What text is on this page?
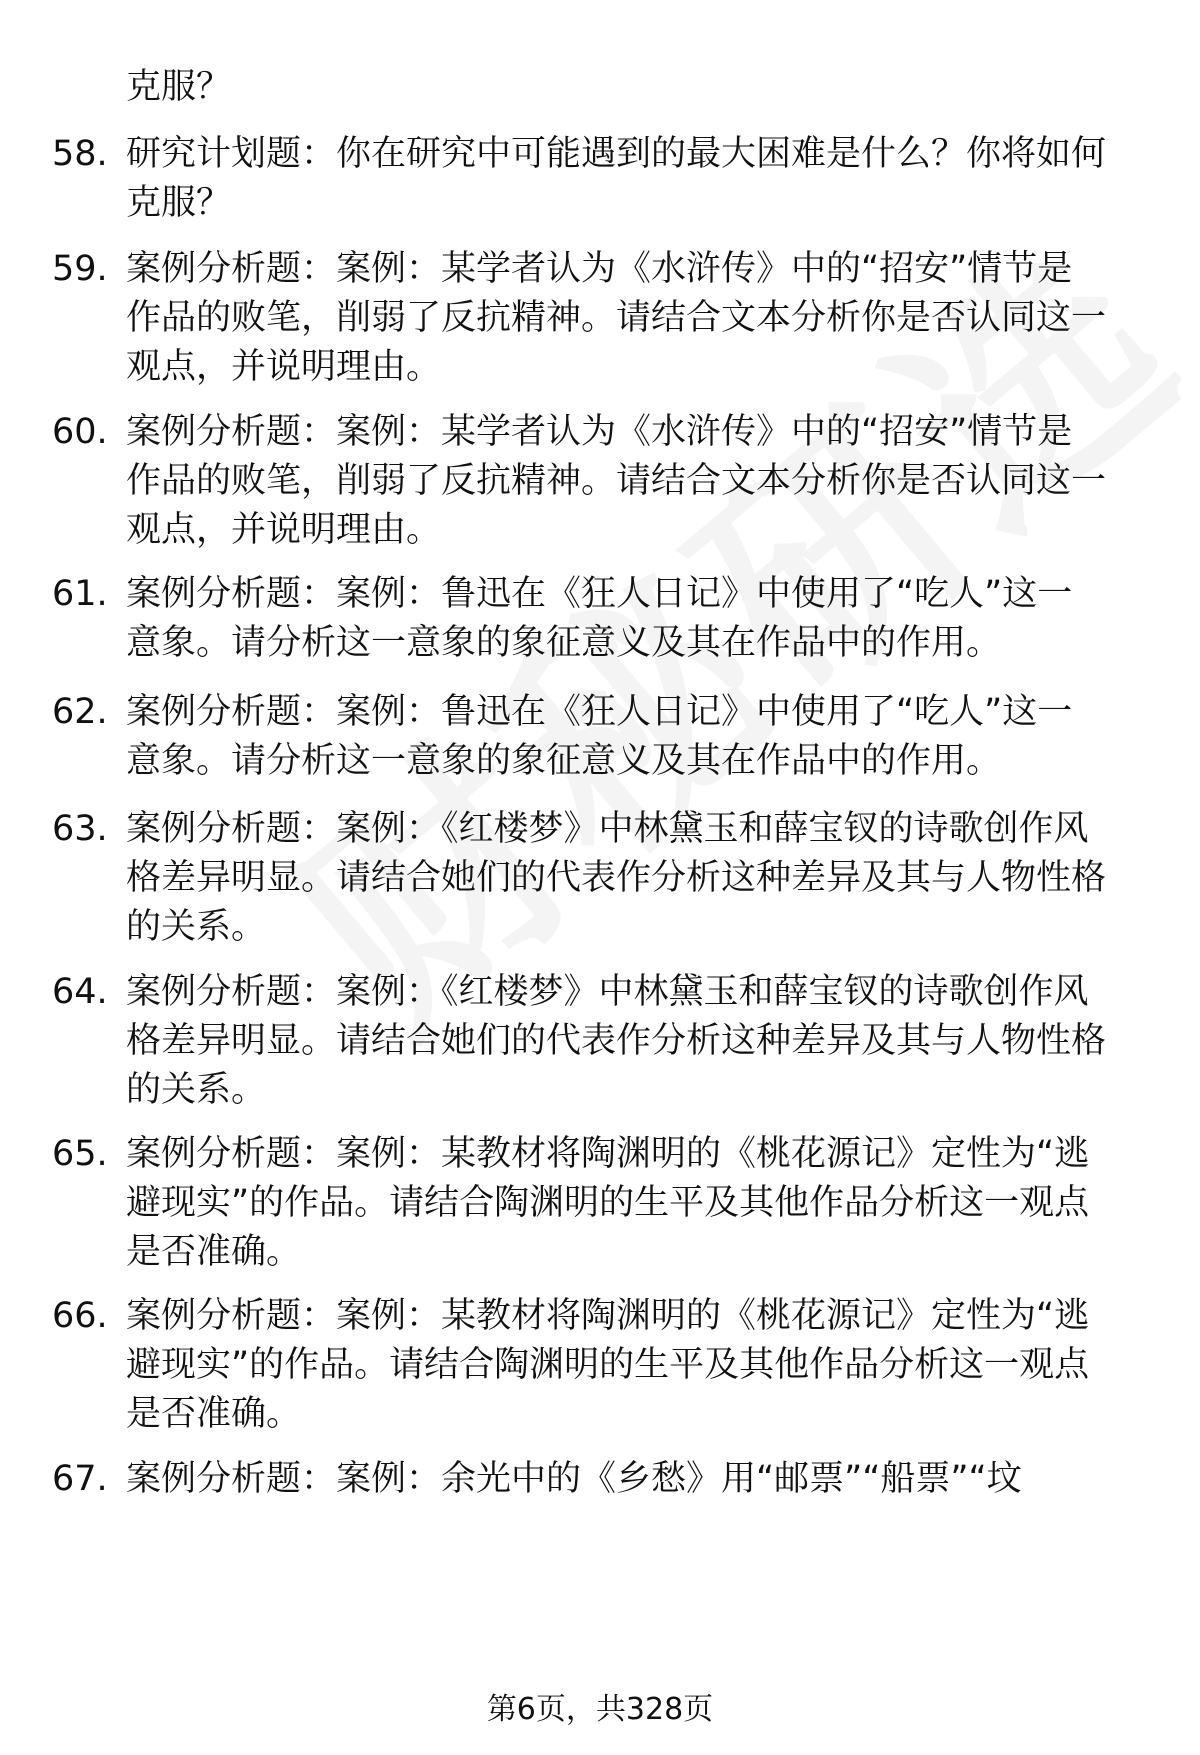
克服？
58. 研究计划题：你在研究中可能遇到的最大困难是什么？你将如何
克服？
59. 案例分析题：案例：某学者认为《水浒传》中的“招安”情节是
作品的败笔，削弱了反抗精神。请结合文本分析你是否认同这一
观点，并说明理由。
60. 案例分析题：案例：某学者认为《水浒传》中的“招安”情节是
作品的败笔，削弱了反抗精神。请结合文本分析你是否认同这一
观点，并说明理由。
61. 案例分析题：案例：鲁迅在《狂人日记》中使用了“吃人”这一
意象。请分析这一意象的象征意义及其在作品中的作用。
62. 案例分析题：案例：鲁迅在《狂人日记》中使用了“吃人”这一
意象。请分析这一意象的象征意义及其在作品中的作用。
63. 案例分析题：案例：《红楼梦》中林黛玉和薛宝钗的诗歌创作风
格差异明显。请结合她们的代表作分析这种差异及其与人物性格
的关系。
64. 案例分析题：案例：《红楼梦》中林黛玉和薛宝钗的诗歌创作风
格差异明显。请结合她们的代表作分析这种差异及其与人物性格
的关系。
65. 案例分析题：案例：某教材将陶渊明的《桃花源记》定性为“逃
避现实”的作品。请结合陶渊明的生平及其他作品分析这一观点
是否准确。
66. 案例分析题：案例：某教材将陶渊明的《桃花源记》定性为“逃
避现实”的作品。请结合陶渊明的生平及其他作品分析这一观点
是否准确。
67. 案例分析题：案例：余光中的《乡愁》用“邮票”“船票”“坟
第6页，共328页
